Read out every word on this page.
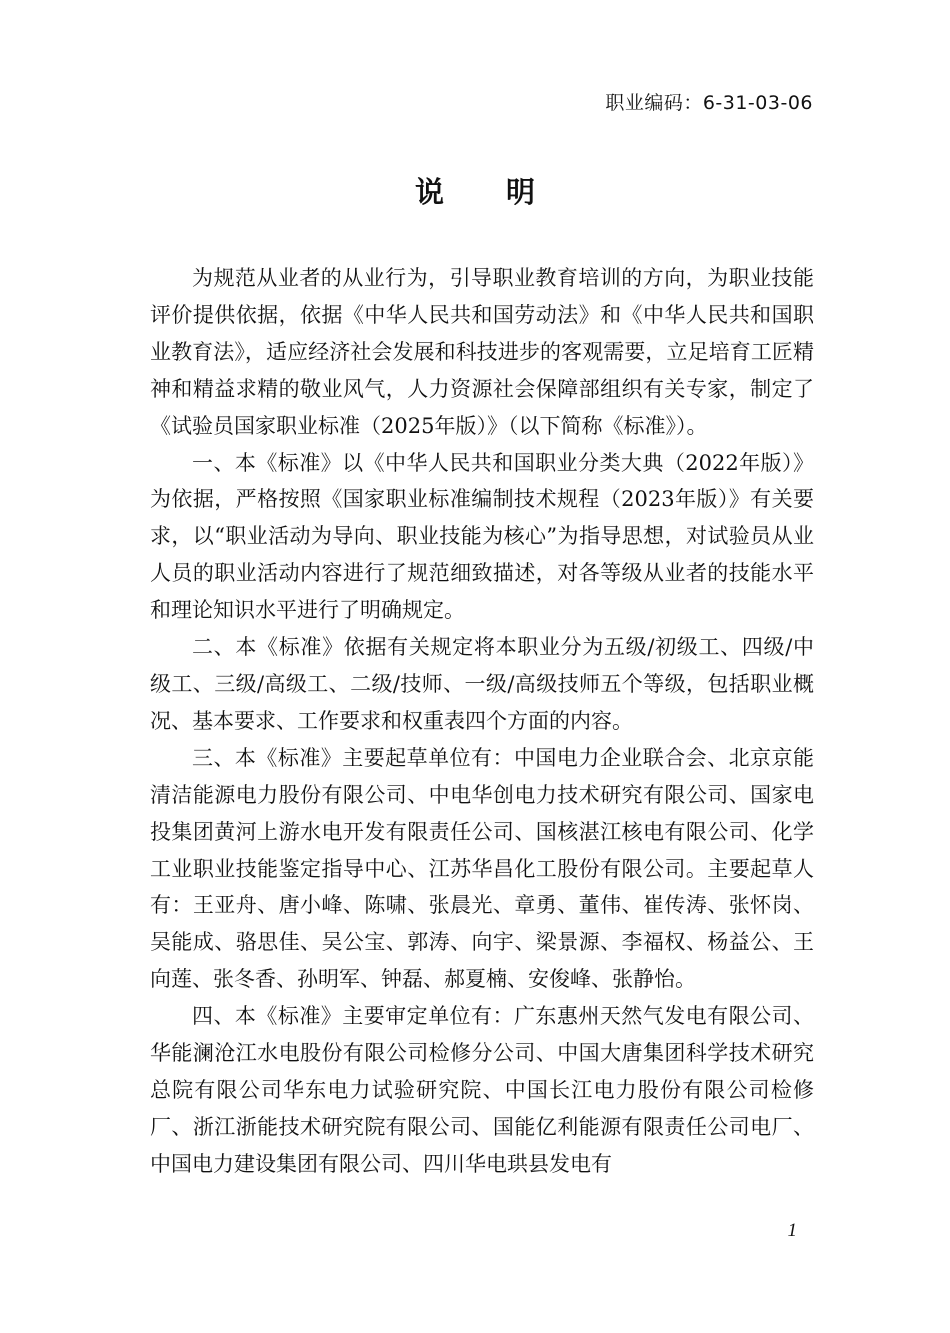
职业编码：6-31-03-06
说明

为规范从业者的从业行为，引导职业教育培训的方向，为职业技能评价提供依据，依据《中华人民共和国劳动法》和《中华人民共和国职业教育法》，适应经济社会发展和科技进步的客观需要，立足培育工匠精神和精益求精的敬业风气，人力资源社会保障部组织有关专家，制定了《试验员国家职业标准（2025年版）》（以下简称《标准》）。

一、本《标准》以《中华人民共和国职业分类大典（2022年版）》为依据，严格按照《国家职业标准编制技术规程（2023年版）》有关要求，以“职业活动为导向、职业技能为核心”为指导思想，对试验员从业人员的职业活动内容进行了规范细致描述，对各等级从业者的技能水平和理论知识水平进行了明确规定。

二、本《标准》依据有关规定将本职业分为五级/初级工、四级/中级工、三级/高级工、二级/技师、一级/高级技师五个等级，包括职业概况、基本要求、工作要求和权重表四个方面的内容。

三、本《标准》主要起草单位有：中国电力企业联合会、北京京能清洁能源电力股份有限公司、中电华创电力技术研究有限公司、国家电投集团黄河上游水电开发有限责任公司、国核湛江核电有限公司、化学工业职业技能鉴定指导中心、江苏华昌化工股份有限公司。主要起草人有：王亚舟、唐小峰、陈啸、张晨光、章勇、董伟、崔传涛、张怀岗、吴能成、骆思佳、吴公宝、郭涛、向宇、梁景源、李福权、杨益公、王向莲、张冬香、孙明军、钟磊、郝夏楠、安俊峰、张静怡。

四、本《标准》主要审定单位有：广东惠州天然气发电有限公司、华能澜沧江水电股份有限公司检修分公司、中国大唐集团科学技术研究总院有限公司华东电力试验研究院、中国长江电力股份有限公司检修厂、浙江浙能技术研究院有限公司、国能亿利能源有限责任公司电厂、中国电力建设集团有限公司、四川华电珙县发电有

1
